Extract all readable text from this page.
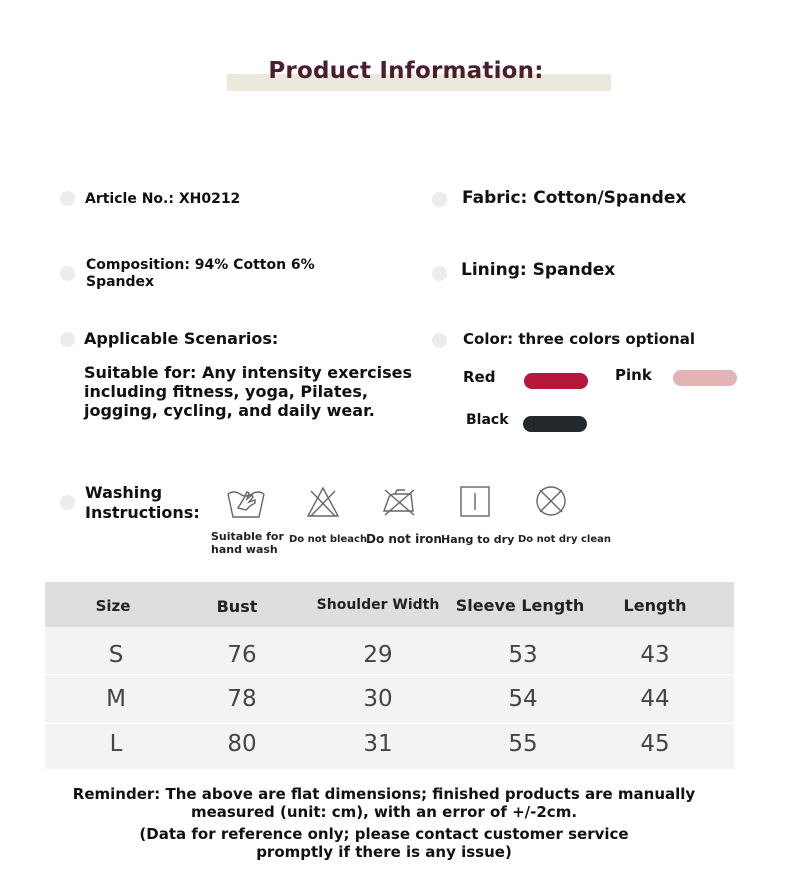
Product Information:
Article No.: XH0212	Fabric: Cotton/Spandex
Composition: 94% Cotton 6%
Spandex
Lining: Spandex
Applicable Scenarios:
Suitable for: Any intensity exercises
including fitness, yoga, Pilates,
jogging, cycling, and daily wear.
Color: three colors optional
Red	Pink
Black
Washing
Instructions:
Suitable for
hand wash
Do not bleach
Do not iron Hang to dry Do not dry clean
Size	Bust	Shoulder Width	Sleeve Length	Length
S	76	29	53	43
M	78	30	54	44
L	80	31	55	45
Reminder: The above are flat dimensions; finished products are manually
measured (unit: cm), with an error of +/-2cm.
(Data for reference only; please contact customer service
promptly if there is any issue)
